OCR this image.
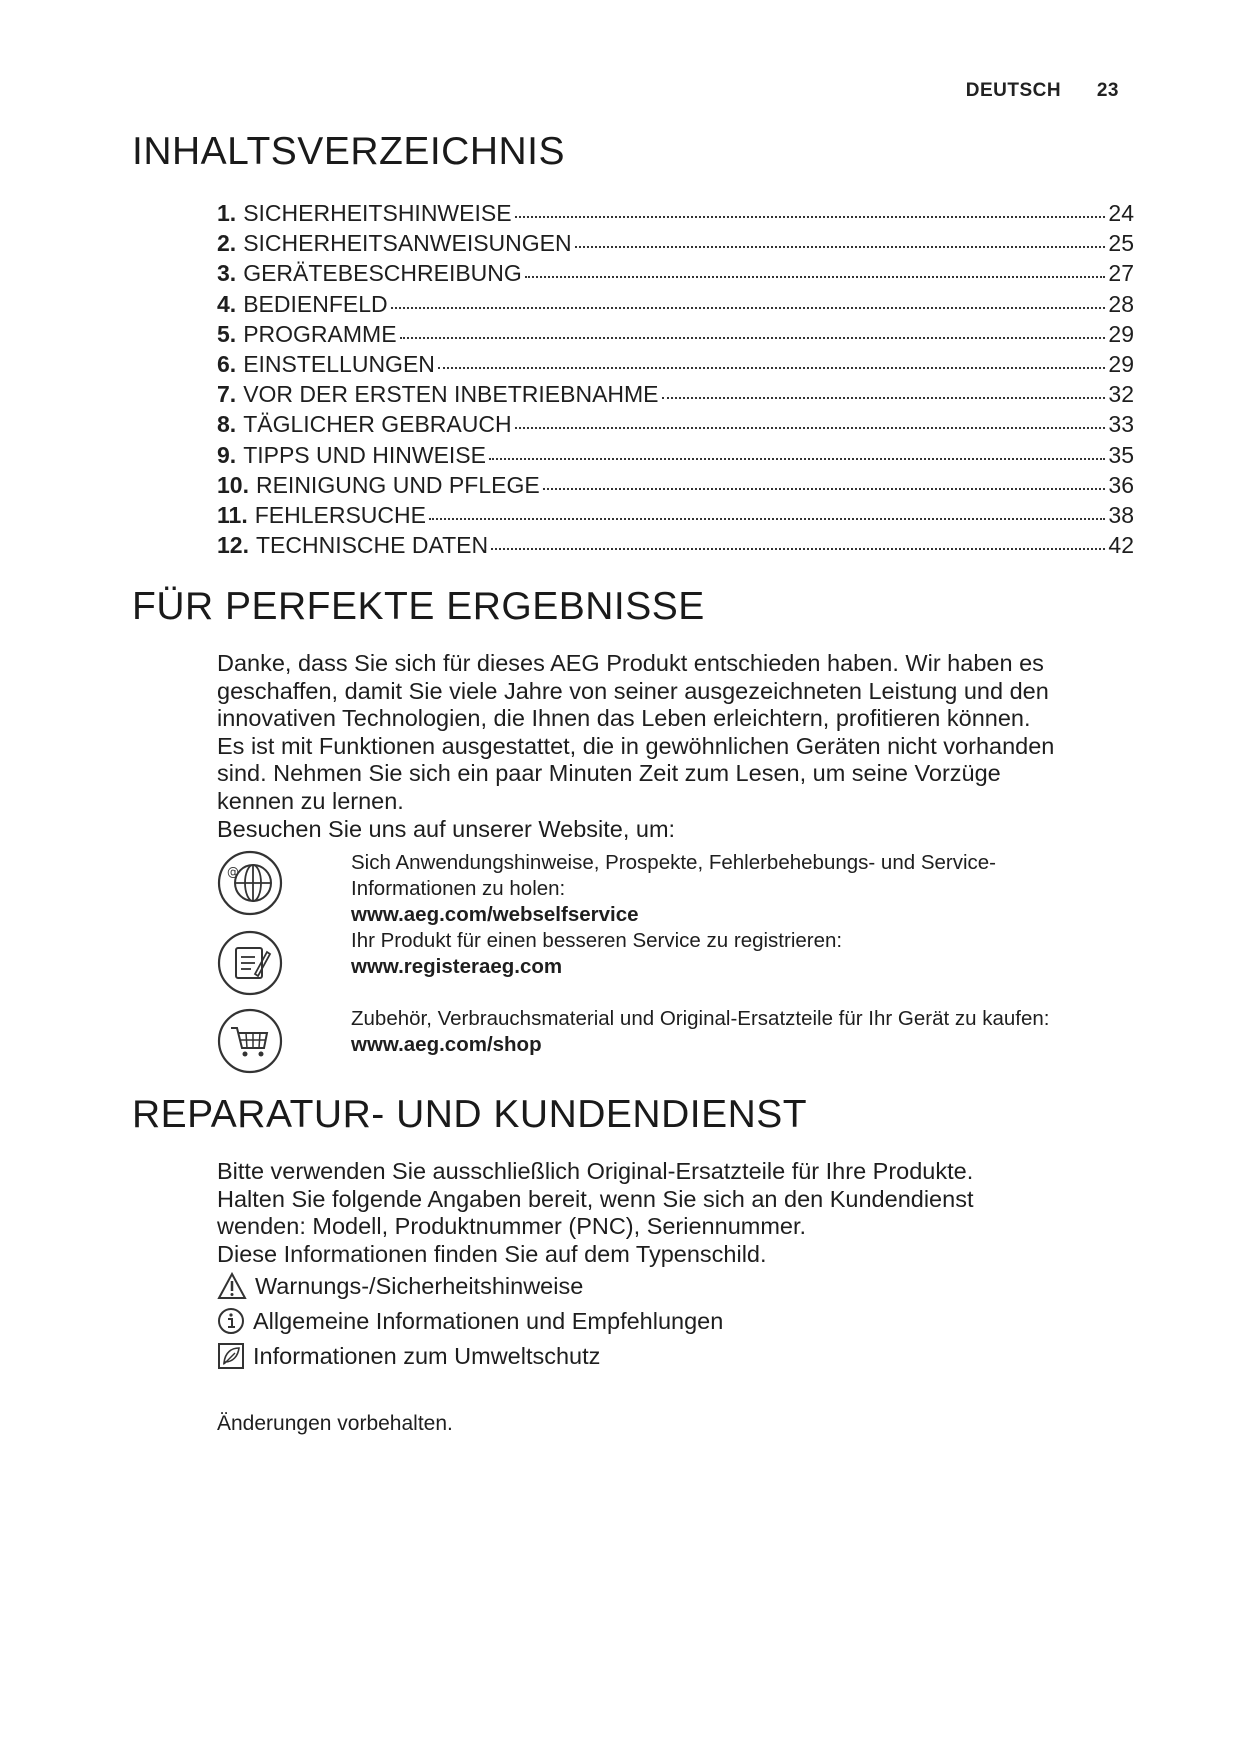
DEUTSCH 23
INHALTSVERZEICHNIS
1. SICHERHEITSHINWEISE	24
2. SICHERHEITSANWEISUNGEN	25
3. GERÄTEBESCHREIBUNG	27
4. BEDIENFELD	28
5. PROGRAMME	29
6. EINSTELLUNGEN	29
7. VOR DER ERSTEN INBETRIEBNAHME	32
8. TÄGLICHER GEBRAUCH	33
9. TIPPS UND HINWEISE	35
10. REINIGUNG UND PFLEGE	36
11. FEHLERSUCHE	38
12. TECHNISCHE DATEN	42
FÜR PERFEKTE ERGEBNISSE

Danke, dass Sie sich für dieses AEG Produkt entschieden haben. Wir haben es

geschaffen, damit Sie viele Jahre von seiner ausgezeichneten Leistung und den

innovativen Technologien, die Ihnen das Leben erleichtern, profitieren können.

Es ist mit Funktionen ausgestattet, die in gewöhnlichen Geräten nicht vorhanden

sind. Nehmen Sie sich ein paar Minuten Zeit zum Lesen, um seine Vorzüge

kennen zu lernen.

Besuchen Sie uns auf unserer Website, um:

@	Sich Anwendungshinweise, Prospekte, Fehlerbehebungs- und Service-
Informationen zu holen:
www.aeg.com/webselfservice
Ihr Produkt für einen besseren Service zu registrieren:
www.registeraeg.com
Zubehör, Verbrauchsmaterial und Original-Ersatzteile für Ihr Gerät zu kaufen:
www.aeg.com/shop
REPARATUR- UND KUNDENDIENST

Bitte verwenden Sie ausschließlich Original-Ersatzteile für Ihre Produkte.

Halten Sie folgende Angaben bereit, wenn Sie sich an den Kundendienst

wenden: Modell, Produktnummer (PNC), Seriennummer.

Diese Informationen finden Sie auf dem Typenschild.

Warnungs-/Sicherheitshinweise
Allgemeine Informationen und Empfehlungen
Informationen zum Umweltschutz
Änderungen vorbehalten.
